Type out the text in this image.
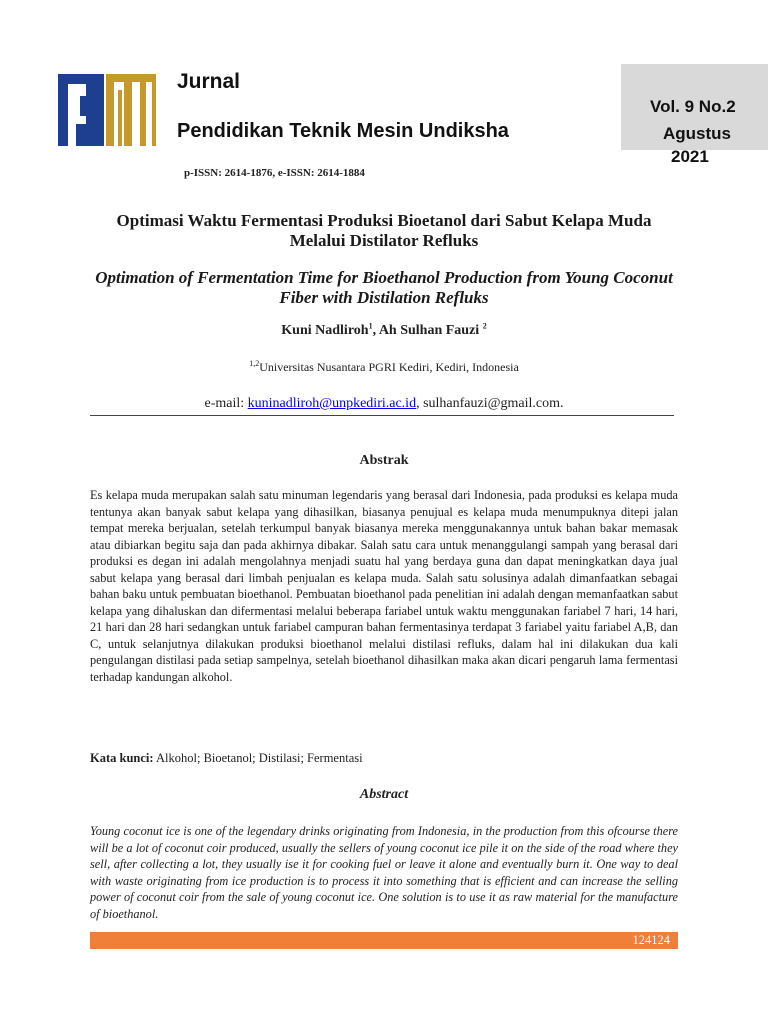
Jurnal
Pendidikan Teknik Mesin Undiksha
Vol. 9 No.2
Agustus
2021
p-ISSN: 2614-1876, e-ISSN: 2614-1884
Optimasi Waktu Fermentasi Produksi Bioetanol dari Sabut Kelapa Muda Melalui Distilator Refluks
Optimation of Fermentation Time for Bioethanol Production from Young Coconut Fiber with Distilation Refluks
Kuni Nadliroh$^1$, Ah Sulhan Fauzi $^2$
$^{1,2}$Universitas Nusantara PGRI Kediri, Kediri, Indonesia
e-mail: kuninadliroh@unpkediri.ac.id, sulhanfauzi@gmail.com.
Abstrak
Es kelapa muda merupakan salah satu minuman legendaris yang berasal dari Indonesia, pada produksi es kelapa muda tentunya akan banyak sabut kelapa yang dihasilkan, biasanya penujual es kelapa muda menumpuknya ditepi jalan tempat mereka berjualan, setelah terkumpul banyak biasanya mereka menggunakannya untuk bahan bakar memasak atau dibiarkan begitu saja dan pada akhirnya dibakar. Salah satu cara untuk menanggulangi sampah yang berasal dari produksi es degan ini adalah mengolahnya menjadi suatu hal yang berdaya guna dan dapat meningkatkan daya jual sabut kelapa yang berasal dari limbah penjualan es kelapa muda. Salah satu solusinya adalah dimanfaatkan sebagai bahan baku untuk pembuatan bioethanol. Pembuatan bioethanol pada penelitian ini adalah dengan memanfaatkan sabut kelapa yang dihaluskan dan difermentasi melalui beberapa fariabel untuk waktu menggunakan fariabel 7 hari, 14 hari, 21 hari dan 28 hari sedangkan untuk fariabel campuran bahan fermentasinya terdapat 3 fariabel yaitu fariabel A,B, dan C, untuk selanjutnya dilakukan produksi bioethanol melalui distilasi refluks, dalam hal ini dilakukan dua kali pengulangan distilasi pada setiap sampelnya, setelah bioethanol dihasilkan maka akan dicari pengaruh lama fermentasi terhadap kandungan alkohol.
Kata kunci: Alkohol; Bioetanol; Distilasi; Fermentasi
Abstract
Young coconut ice is one of the legendary drinks originating from Indonesia, in the production from this ofcourse there will be a lot of coconut coir produced, usually the sellers of young coconut ice pile it on the side of the road where they sell, after collecting a lot, they usually ise it for cooking fuel or leave it alone and eventually burn it. One way to deal with waste originating from ice production is to process it into something that is efficient and can increase the selling power of coconut coir from the sale of young coconut ice. One solution is to use it as raw material for the manufacture of bioethanol.
124124
